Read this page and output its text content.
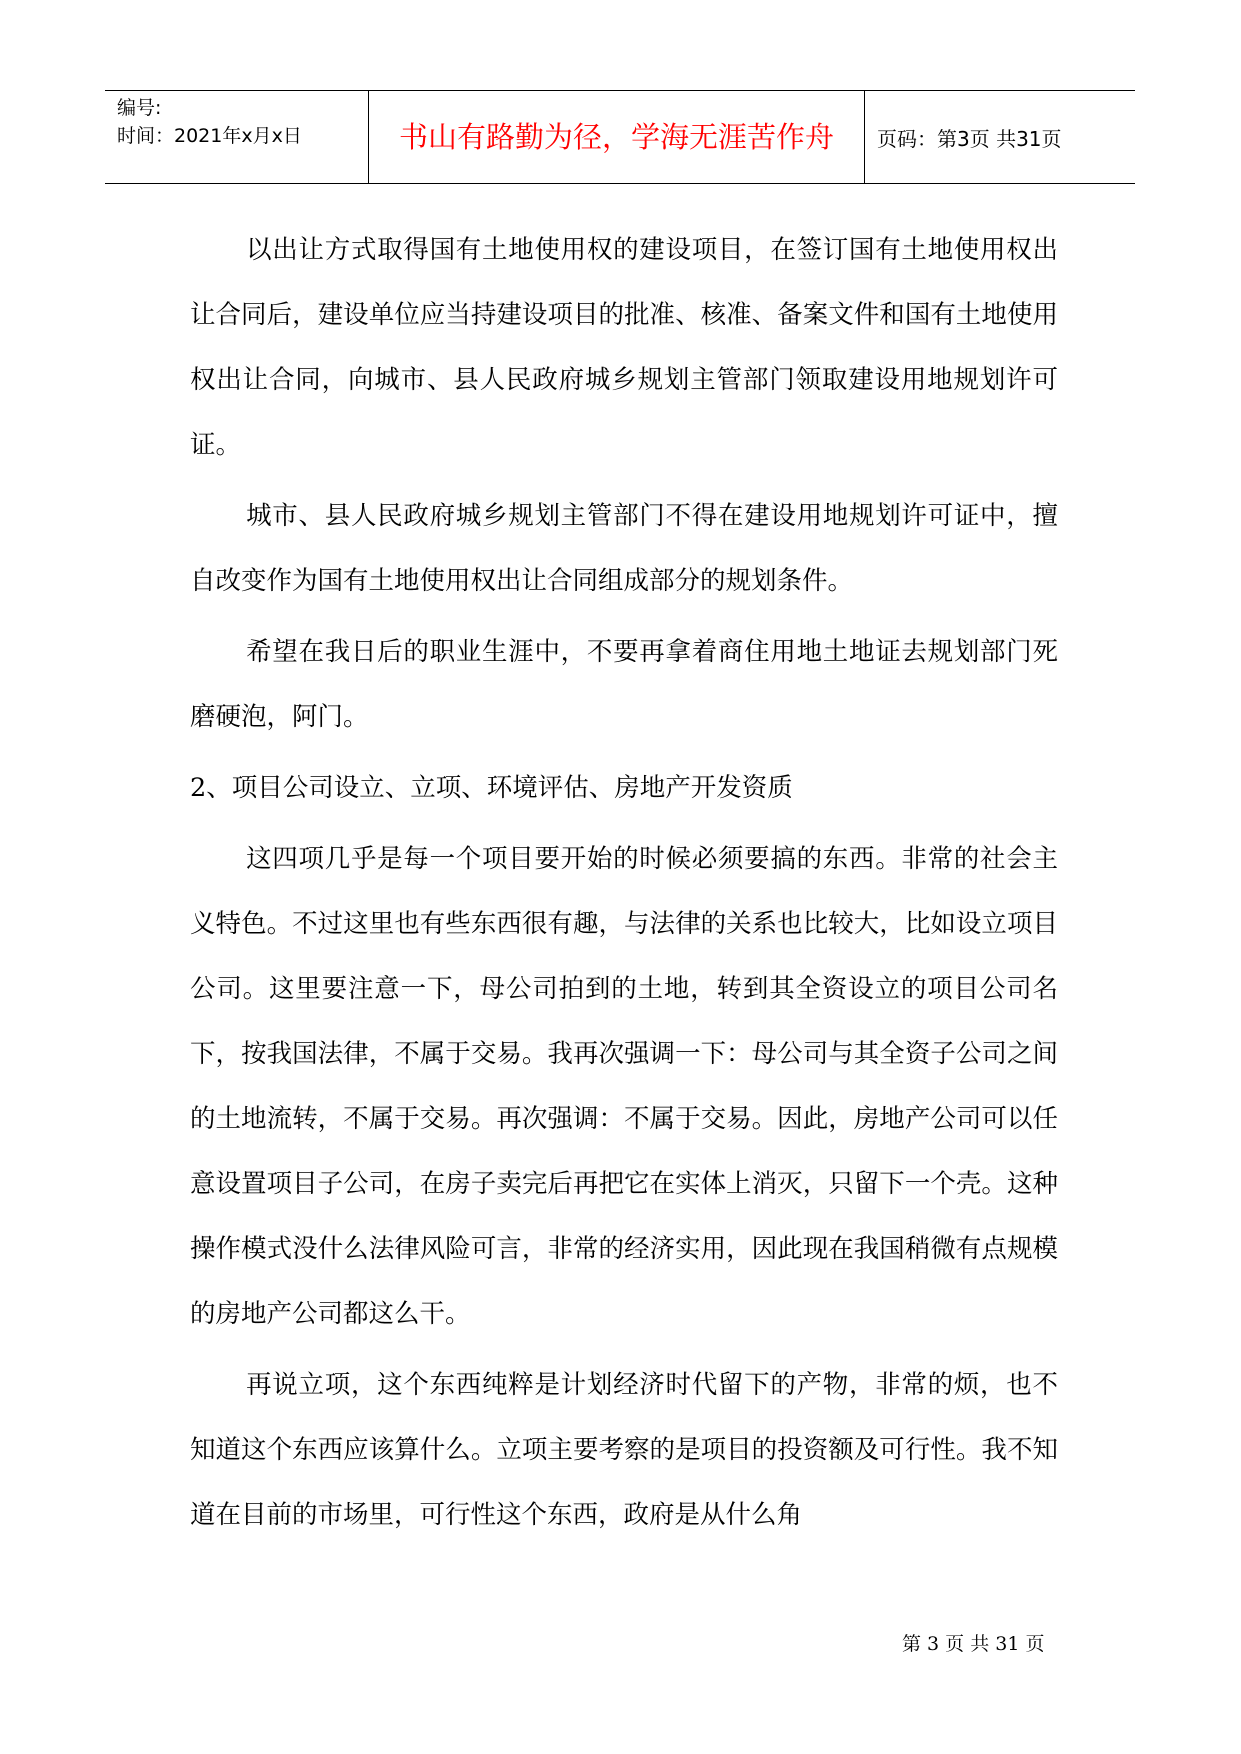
编号:
时间：2021年x月x日	书山有路勤为径，学海无涯苦作舟	页码：第3页 共31页

以出让方式取得国有土地使用权的建设项目，在签订国有土地使用权出让合同后，建设单位应当持建设项目的批准、核准、备案文件和国有土地使用权出让合同，向城市、县人民政府城乡规划主管部门领取建设用地规划许可证。

城市、县人民政府城乡规划主管部门不得在建设用地规划许可证中，擅自改变作为国有土地使用权出让合同组成部分的规划条件。

希望在我日后的职业生涯中，不要再拿着商住用地土地证去规划部门死磨硬泡，阿门。

2、项目公司设立、立项、环境评估、房地产开发资质

这四项几乎是每一个项目要开始的时候必须要搞的东西。非常的社会主义特色。不过这里也有些东西很有趣，与法律的关系也比较大，比如设立项目公司。这里要注意一下，母公司拍到的土地，转到其全资设立的项目公司名下，按我国法律，不属于交易。我再次强调一下：母公司与其全资子公司之间的土地流转，不属于交易。再次强调：不属于交易。因此，房地产公司可以任意设置项目子公司，在房子卖完后再把它在实体上消灭，只留下一个壳。这种操作模式没什么法律风险可言，非常的经济实用，因此现在我国稍微有点规模的房地产公司都这么干。

再说立项，这个东西纯粹是计划经济时代留下的产物，非常的烦，也不知道这个东西应该算什么。立项主要考察的是项目的投资额及可行性。我不知道在目前的市场里，可行性这个东西，政府是从什么角

第 3 页 共 31 页
